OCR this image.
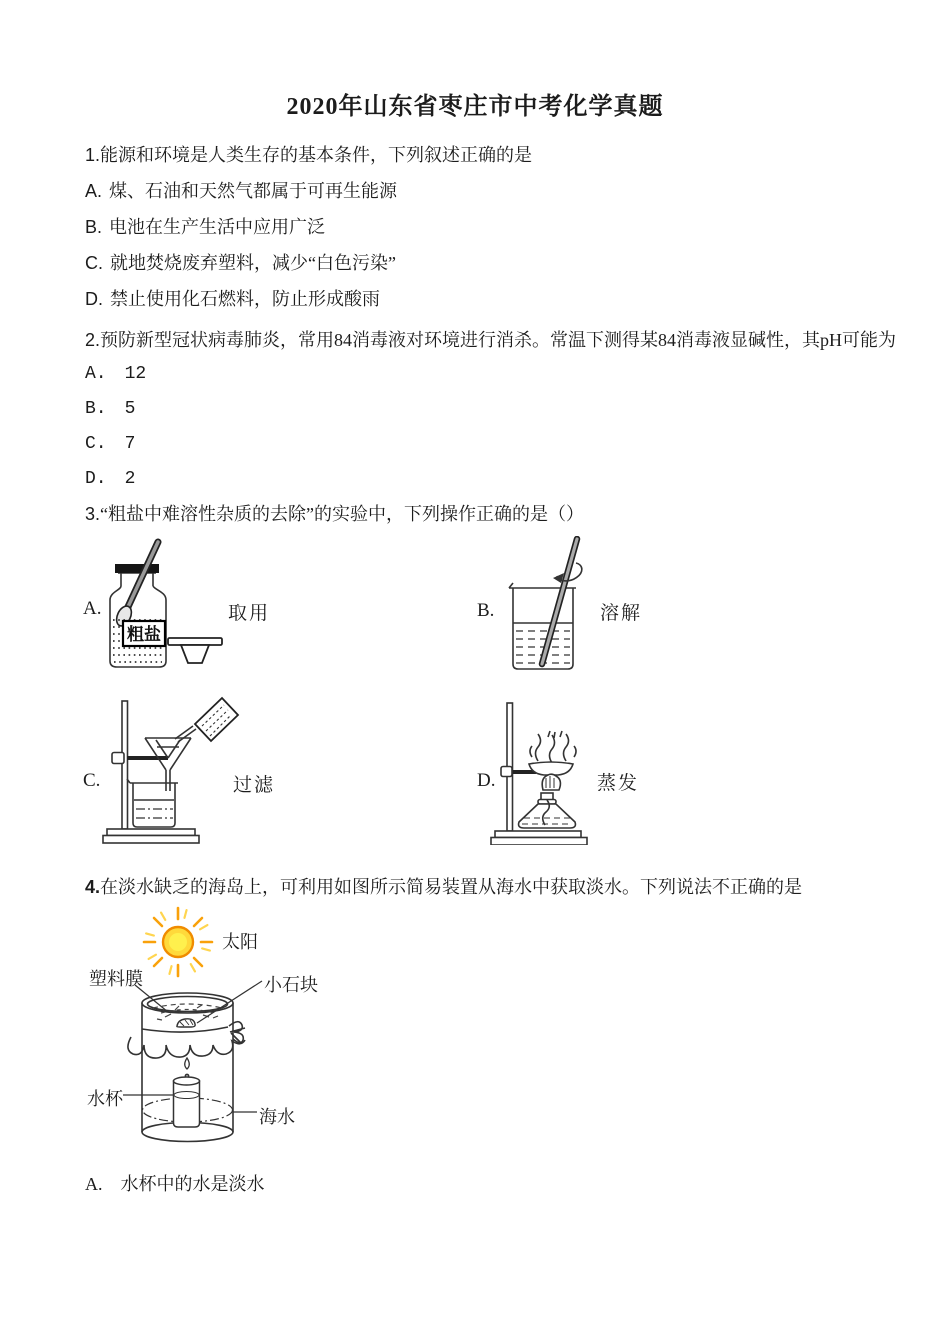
2020年山东省枣庄市中考化学真题
1.能源和环境是人类生存的基本条件，下列叙述正确的是
A. 煤、石油和天然气都属于可再生能源
B. 电池在生产生活中应用广泛
C. 就地焚烧废弃塑料，减少“白色污染”
D. 禁止使用化石燃料，防止形成酸雨
2.预防新型冠状病毒肺炎，常用84消毒液对环境进行消杀。常温下测得某84消毒液显碱性，其pH可能为
A. 12
B. 5
C. 7
D. 2
3.“粗盐中难溶性杂质的去除”的实验中，下列操作正确的是（）
A.
粗盐
取用	B.	溶解
C.	过滤	D.	蒸发
4.在淡水缺乏的海岛上，可利用如图所示简易装置从海水中获取淡水。下列说法不正确的是
太阳
塑料膜	小石块
水杯
海水
A. 水杯中的水是淡水
